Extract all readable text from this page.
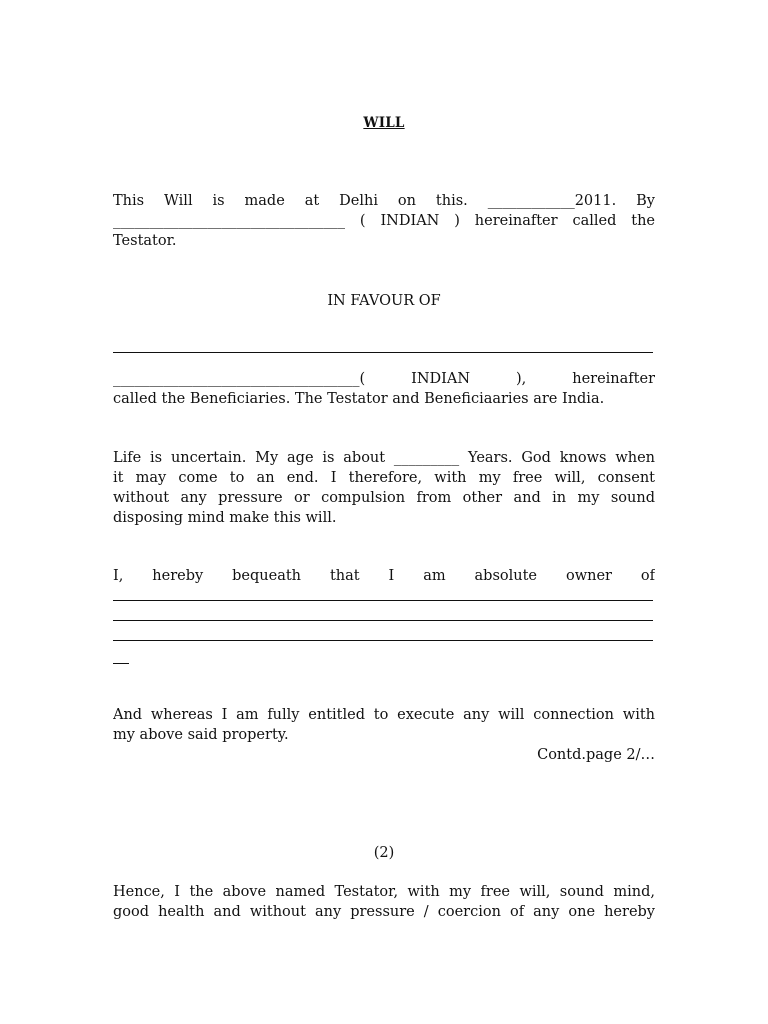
WILL
This Will is made at Delhi on this. ____________2011. By
________________________________ ( INDIAN ) hereinafter called the
Testator.
IN FAVOUR OF
__________________________________( INDIAN ), hereinafter
called the Beneficiaries. The Testator and Beneficiaaries are India.
Life is uncertain. My age is about _________ Years. God knows when
it may come to an end. I therefore, with my free will, consent
without any pressure or compulsion from other and in my sound
disposing mind make this will.
I, hereby bequeath that I am absolute owner of
And whereas I am fully entitled to execute any will connection with
my above said property.
Contd.page 2/…
(2)
Hence, I the above named Testator, with my free will, sound mind,
good health and without any pressure / coercion of any one hereby
